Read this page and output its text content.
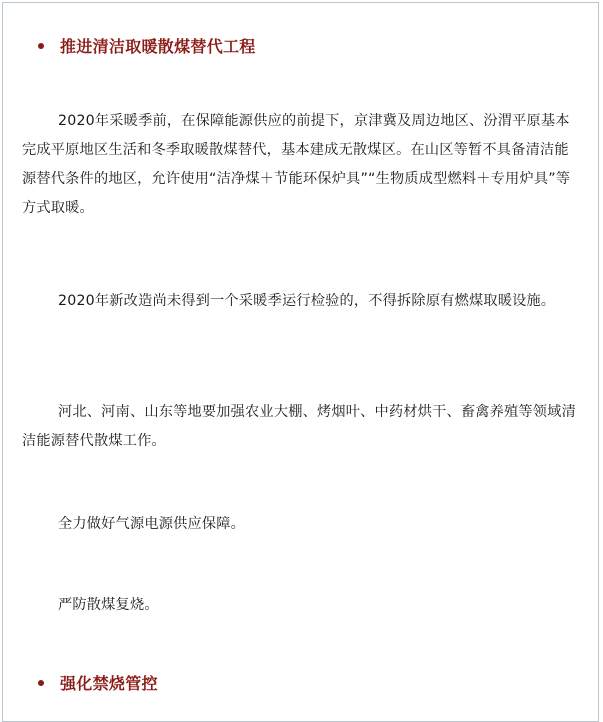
推进清洁取暖散煤替代工程

2020年采暖季前，在保障能源供应的前提下，京津冀及周边地区、汾渭平原基本完成平原地区生活和冬季取暖散煤替代，基本建成无散煤区。在山区等暂不具备清洁能源替代条件的地区，允许使用“洁净煤＋节能环保炉具”“生物质成型燃料＋专用炉具”等方式取暖。

2020年新改造尚未得到一个采暖季运行检验的，不得拆除原有燃煤取暖设施。

河北、河南、山东等地要加强农业大棚、烤烟叶、中药材烘干、畜禽养殖等领域清洁能源替代散煤工作。

全力做好气源电源供应保障。

严防散煤复烧。

强化禁烧管控
